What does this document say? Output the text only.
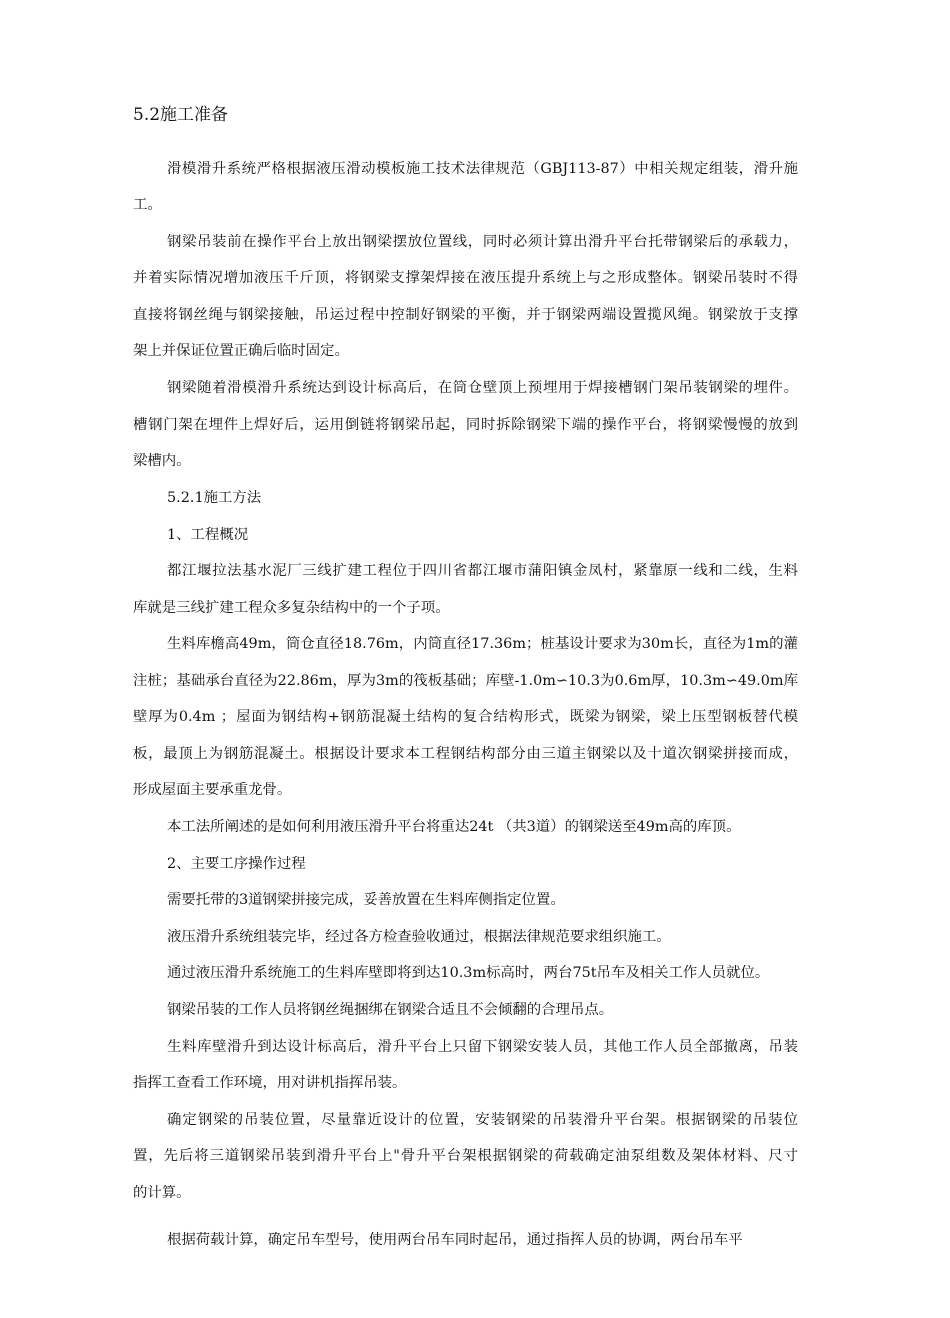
5.2施工准备
滑模滑升系统严格根据液压滑动模板施工技术法律规范（GBJ113-87）中相关规定组装，滑升施
工。
钢梁吊装前在操作平台上放出钢梁摆放位置线，同时必须计算出滑升平台托带钢梁后的承载力，
并着实际情况增加液压千斤顶，将钢梁支撑架焊接在液压提升系统上与之形成整体。钢梁吊装时不得
直接将钢丝绳与钢梁接触，吊运过程中控制好钢梁的平衡，并于钢梁两端设置揽风绳。钢梁放于支撑
架上并保证位置正确后临时固定。
钢梁随着滑模滑升系统达到设计标高后，在筒仓壁顶上预埋用于焊接槽钢门架吊装钢梁的埋件。
槽钢门架在埋件上焊好后，运用倒链将钢梁吊起，同时拆除钢梁下端的操作平台，将钢梁慢慢的放到
梁槽内。
5.2.1施工方法
1、工程概况
都江堰拉法基水泥厂三线扩建工程位于四川省都江堰市蒲阳镇金凤村，紧靠原一线和二线，生料
库就是三线扩建工程众多复杂结构中的一个子项。
生料库檐高49m，筒仓直径18.76m，内筒直径17.36m；桩基设计要求为30m长，直径为1m的灌
注桩；基础承台直径为22.86m，厚为3m的筏板基础；库壁-1.0m∽10.3为0.6m厚，10.3m∽49.0m库
壁厚为0.4m ；屋面为钢结构+钢筋混凝土结构的复合结构形式，既梁为钢梁，梁上压型钢板替代模
板，最顶上为钢筋混凝土。根据设计要求本工程钢结构部分由三道主钢梁以及十道次钢梁拼接而成，
形成屋面主要承重龙骨。
本工法所阐述的是如何利用液压滑升平台将重达24t （共3道）的钢梁送至49m高的库顶。
2、主要工序操作过程
需要托带的3道钢梁拼接完成，妥善放置在生料库侧指定位置。
液压滑升系统组装完毕，经过各方检查验收通过，根据法律规范要求组织施工。
通过液压滑升系统施工的生料库壁即将到达10.3m标高时，两台75t吊车及相关工作人员就位。
钢梁吊装的工作人员将钢丝绳捆绑在钢梁合适且不会倾翻的合理吊点。
生料库壁滑升到达设计标高后，滑升平台上只留下钢梁安装人员，其他工作人员全部撤离，吊装
指挥工查看工作环境，用对讲机指挥吊装。
确定钢梁的吊装位置，尽量靠近设计的位置，安装钢梁的吊装滑升平台架。根据钢梁的吊装位
置，先后将三道钢梁吊装到滑升平台上"骨升平台架根据钢梁的荷载确定油泵组数及架体材料、尺寸
的计算。
根据荷载计算，确定吊车型号，使用两台吊车同时起吊，通过指挥人员的协调，两台吊车平
